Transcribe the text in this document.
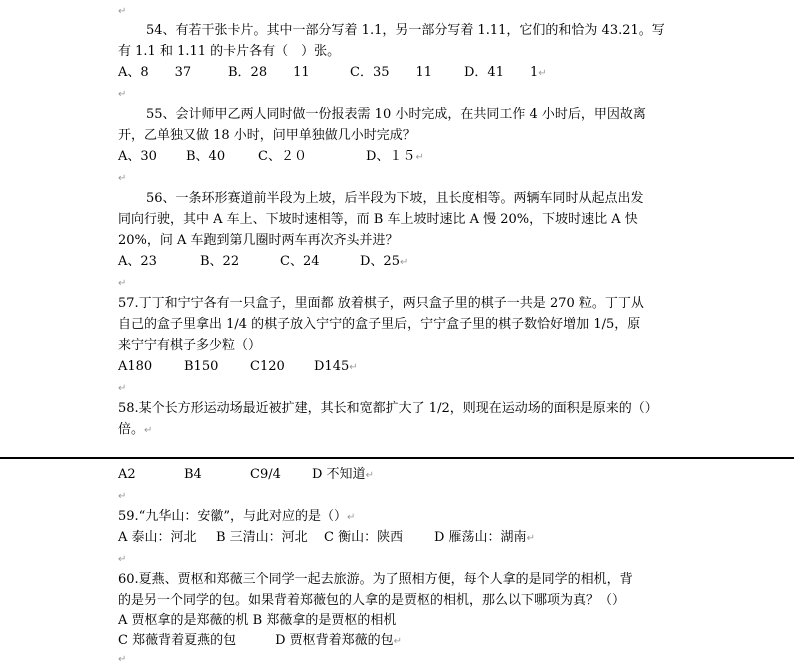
↵
54、有若干张卡片。其中一部分写着 1.1，另一部分写着 1.11，它们的和恰为 43.21。写
有 1.1 和 1.11 的卡片各有（　）张。
A、8　　37	B．28　　11	C．35　　11 D．41　　1↵
↵
55、会计师甲乙两人同时做一份报表需 10 小时完成，在共同工作 4 小时后，甲因故离
开，乙单独又做 18 小时，问甲单独做几小时完成？
A、30 B、40	C、２０	D、１５↵
↵
56、一条环形赛道前半段为上坡，后半段为下坡，且长度相等。两辆车同时从起点出发
同向行驶，其中 A 车上、下坡时速相等，而 B 车上坡时速比 A 慢 20%，下坡时速比 A 快
20%，问 A 车跑到第几圈时两车再次齐头并进？
A、23	B、22	C、24	D、25↵
↵
57.丁丁和宁宁各有一只盒子，里面都 放着棋子，两只盒子里的棋子一共是 270 粒。丁丁从
自己的盒子里拿出 1/4 的棋子放入宁宁的盒子里后，宁宁盒子里的棋子数恰好增加 1/5，原
来宁宁有棋子多少粒（）
A180 B150 C120 D145↵
↵
58.某个长方形运动场最近被扩建，其长和宽都扩大了 1/2，则现在运动场的面积是原来的（）
倍。↵
A2	B4	C9/4 D 不知道↵
↵
59.“九华山：安徽”，与此对应的是（）↵
A 泰山：河北 B 三清山：河北 C 衡山：陕西 D 雁荡山：湖南↵
↵
60.夏燕、贾枢和郑薇三个同学一起去旅游。为了照相方便，每个人拿的是同学的相机，背
的是另一个同学的包。如果背着郑薇包的人拿的是贾枢的相机，那么以下哪项为真？（）
A 贾枢拿的是郑薇的机 B 郑薇拿的是贾枢的相机
C 郑薇背着夏燕的包　　　D 贾枢背着郑薇的包↵
↵
